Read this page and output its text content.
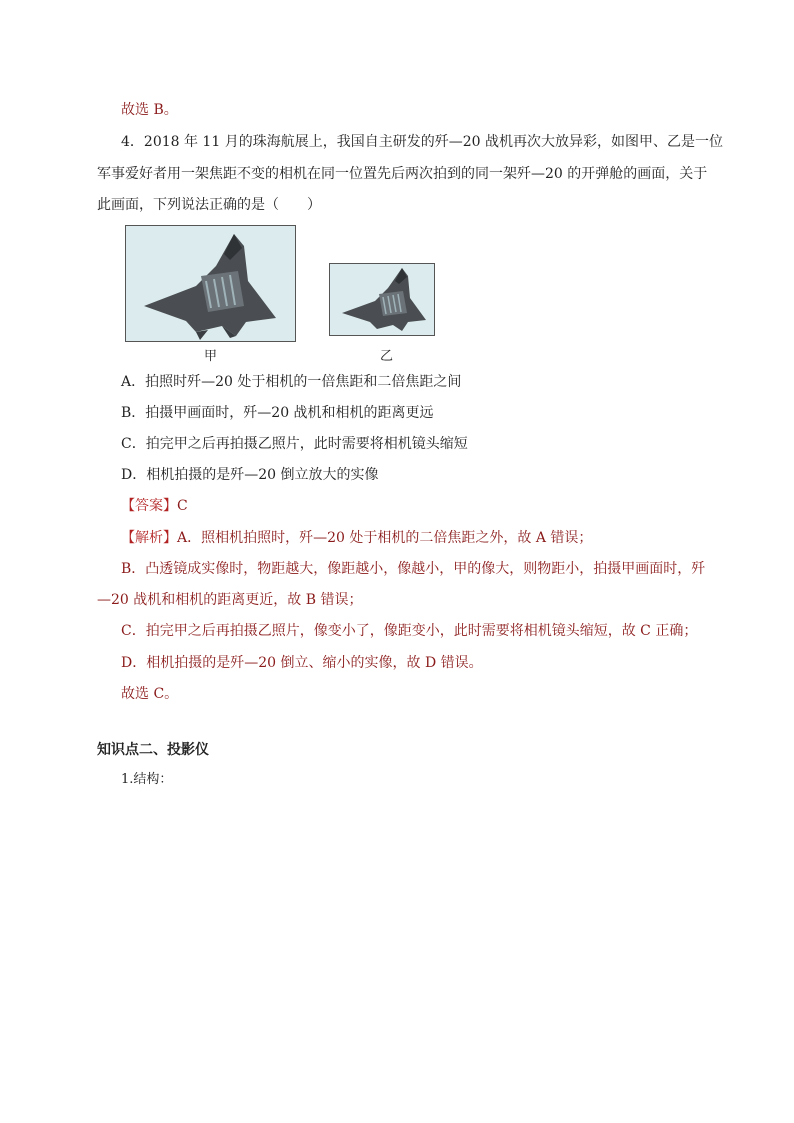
故选 B。
4．2018 年 11 月的珠海航展上，我国自主研发的歼—20 战机再次大放异彩，如图甲、乙是一位
军事爱好者用一架焦距不变的相机在同一位置先后两次拍到的同一架歼—20 的开弹舱的画面，关于
此画面，下列说法正确的是（　　）
甲	乙
A．拍照时歼—20 处于相机的一倍焦距和二倍焦距之间
B．拍摄甲画面时，歼—20 战机和相机的距离更远
C．拍完甲之后再拍摄乙照片，此时需要将相机镜头缩短
D．相机拍摄的是歼—20 倒立放大的实像
【答案】C
【解析】A．照相机拍照时，歼—20 处于相机的二倍焦距之外，故 A 错误；
B．凸透镜成实像时，物距越大，像距越小，像越小，甲的像大，则物距小，拍摄甲画面时，歼
—20 战机和相机的距离更近，故 B 错误；
C．拍完甲之后再拍摄乙照片，像变小了，像距变小，此时需要将相机镜头缩短，故 C 正确；
D．相机拍摄的是歼—20 倒立、缩小的实像，故 D 错误。
故选 C。
知识点二、投影仪
1.结构：
